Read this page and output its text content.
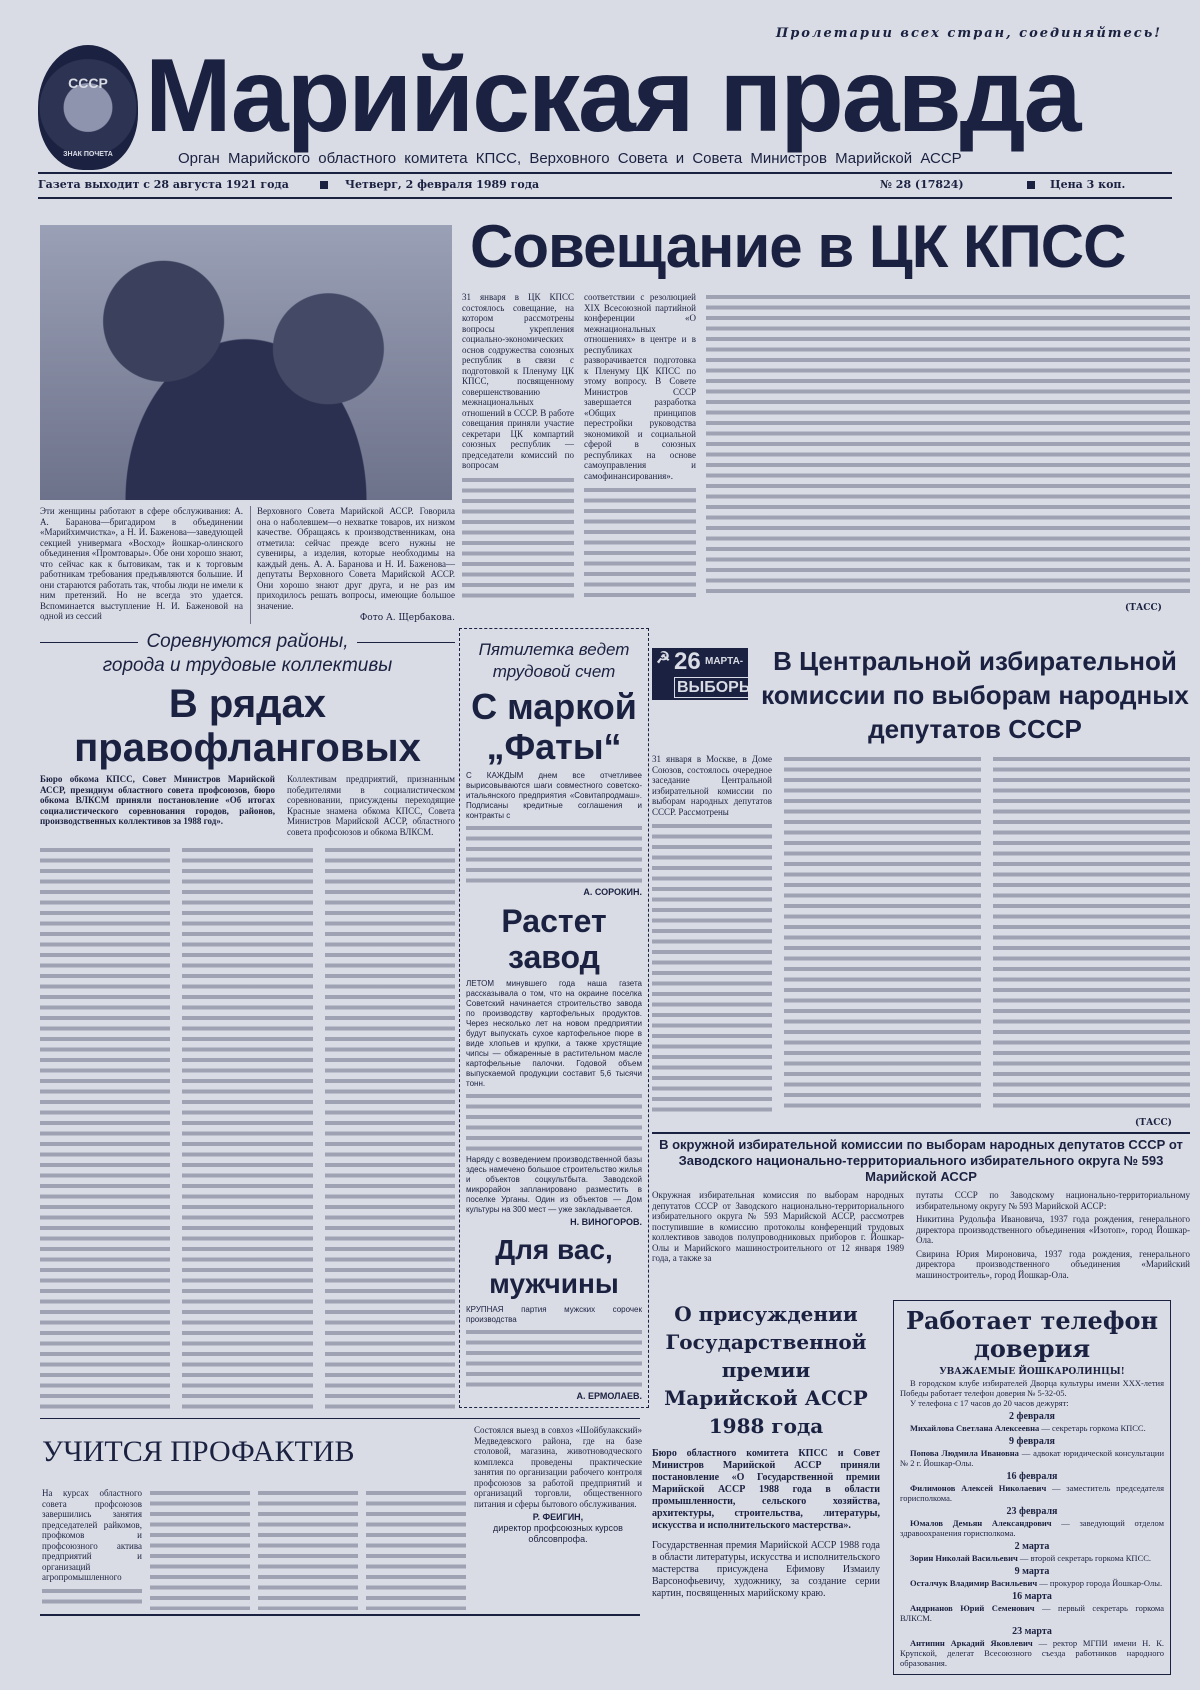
СССР
ЗНАК ПОЧЕТА
Пролетарии всех стран, соединяйтесь!
Марийская правда
Орган Марийского областного комитета КПСС, Верховного Совета и Совета Министров Марийской АССР
Газета выходит с 28 августа 1921 года	Четверг, 2 февраля 1989 года	№ 28 (17824)	Цена 3 коп.
Эти женщины работают в сфере обслуживания: А. А. Баранова—бригадиром в объединении «Марийхимчистка», а Н. И. Баженова—заведующей секцией универмага «Восход» йошкар-олинского объединения «Промтовары». Обе они хорошо знают, что сейчас как к бытовикам, так и к торговым работникам требования предъявляются большие. И они стараются работать так, чтобы люди не имели к ним претензий. Но не всегда это удается. Вспоминается выступление Н. И. Баженовой на одной из сессий
Верховного Совета Марийской АССР. Говорила она о наболевшем—о нехватке товаров, их низком качестве. Обращаясь к производственникам, она отметила: сейчас прежде всего нужны не сувениры, а изделия, которые необходимы на каждый день. А. А. Баранова и Н. И. Баженова—депутаты Верховного Совета Марийской АССР. Они хорошо знают друг друга, и не раз им приходилось решать вопросы, имеющие большое значение.
Фото А. Щербакова.
Соревнуются районы,
города и трудовые коллективы
В рядах правофланговых
Бюро обкома КПСС, Совет Министров Марийской АССР, президиум областного совета профсоюзов, бюро обкома ВЛКСМ приняли постановление «Об итогах социалистического соревнования городов, районов, производственных коллективов за 1988 год».
Коллективам предприятий, признанным победителями в социалистическом соревновании, присуждены переходящие Красные знамена обкома КПСС, Совета Министров Марийской АССР, областного совета профсоюзов и обкома ВЛКСМ.
Совещание в ЦК КПСС
31 января в ЦК КПСС состоялось совещание, на котором рассмотрены вопросы укрепления социально-экономических основ содружества союзных республик в связи с подготовкой к Пленуму ЦК КПСС, посвященному совершенствованию межнациональных отношений в СССР. В работе совещания приняли участие секретари ЦК компартий союзных республик — председатели комиссий по вопросам
соответствии с резолюцией XIX Всесоюзной партийной конференции «О межнациональных отношениях» в центре и в республиках разворачивается подготовка к Пленуму ЦК КПСС по этому вопросу. В Совете Министров СССР завершается разработка «Общих принципов перестройки руководства экономикой и социальной сферой в союзных республиках на основе самоуправления и самофинансирования».
(ТАСС)
Пятилетка ведет
трудовой счет
С маркой „Фаты“
С КАЖДЫМ днем все отчетливее вырисовываются шаги совместного советско-итальянского предприятия «Совитапродмаш». Подписаны кредитные соглашения и контракты с
А. СОРОКИН.
Растет завод
ЛЕТОМ минувшего года наша газета рассказывала о том, что на окраине поселка Советский начинается строительство завода по производству картофельных продуктов. Через несколько лет на новом предприятии будут выпускать сухое картофельное пюре в виде хлопьев и крупки, а также хрустящие чипсы — обжаренные в растительном масле картофельные палочки. Годовой объем выпускаемой продукции составит 5,6 тысячи тонн.
Наряду с возведением производственной базы здесь намечено большое строительство жилья и объектов соцкультбыта. Заводской микрорайон запланировано разместить в поселке Урганы. Один из объектов — Дом культуры на 300 мест — уже закладывается.
Н. ВИНОГОРОВ.
Для вас, мужчины
КРУПНАЯ партия мужских сорочек производства
А. ЕРМОЛАЕВ.
☭ 26 МАРТА-
ВЫБОРЫ
В Центральной избирательной комиссии по выборам народных депутатов СССР
31 января в Москве, в Доме Союзов, состоялось очередное заседание Центральной избирательной комиссии по выборам народных депутатов СССР. Рассмотрены
(ТАСС)
В окружной избирательной комиссии по выборам народных депутатов СССР от Заводского национально-территориального избирательного округа № 593 Марийской АССР
Окружная избирательная комиссия по выборам народных депутатов СССР от Заводского национально-территориального избирательного округа № 593 Марийской АССР, рассмотрев поступившие в комиссию протоколы конференций трудовых коллективов заводов полупроводниковых приборов г. Йошкар-Олы и Марийского машиностроительного от 12 января 1989 года, а также за
путаты СССР по Заводскому национально-территориальному избирательному округу № 593 Марийской АССР:
Никитина Рудольфа Ивановича, 1937 года рождения, генерального директора производственного объединения «Изотоп», город Йошкар-Ола.
Свирина Юрия Мироновича, 1937 года рождения, генерального директора производственного объединения «Марийский машиностроитель», город Йошкар-Ола.
О присуждении Государственной премии Марийской АССР 1988 года
Бюро областного комитета КПСС и Совет Министров Марийской АССР приняли постановление «О Государственной премии Марийской АССР 1988 года в области промышленности, сельского хозяйства, архитектуры, строительства, литературы, искусства и исполнительского мастерства».
Государственная премия Марийской АССР 1988 года в области литературы, искусства и исполнительского мастерства присуждена Ефимову Измаилу Варсонофьевичу, художнику, за создание серии картин, посвященных марийскому краю.
Работает телефон доверия
УВАЖАЕМЫЕ ЙОШКАРОЛИНЦЫ!
В городском клубе избирателей Дворца культуры имени XXX-летия Победы работает телефон доверия № 5-32-05.
У телефона с 17 часов до 20 часов дежурят:
2 февраля
Михайлова Светлана Алексеевна — секретарь горкома КПСС.
9 февраля
Попова Людмила Ивановна — адвокат юридической консультации № 2 г. Йошкар-Олы.
16 февраля
Филимонов Алексей Николаевич — заместитель председателя горисполкома.
23 февраля
Юмалов Демьян Александрович — заведующий отделом здравоохранения горисполкома.
2 марта
Зорин Николай Васильевич — второй секретарь горкома КПСС.
9 марта
Осталчук Владимир Васильевич — прокурор города Йошкар-Олы.
16 марта
Андрианов Юрий Семенович — первый секретарь горкома ВЛКСМ.
23 марта
Антипин Аркадий Яковлевич — ректор МГПИ имени Н. К. Крупской, делегат Всесоюзного съезда работников народного образования.
УЧИТСЯ ПРОФАКТИВ
На курсах областного совета профсоюзов завершились занятия председателей райкомов, профкомов и профсоюзного актива предприятий и организаций агропромышленного
Состоялся выезд в совхоз «Шойбулакский» Медведевского района, где на базе столовой, магазина, животноводческого комплекса проведены практические занятия по организации рабочего контроля профсоюзов за работой предприятий и организаций торговли, общественного питания и сферы бытового обслуживания.
Р. ФЕИГИН,
директор профсоюзных курсов облсовпрофа.
